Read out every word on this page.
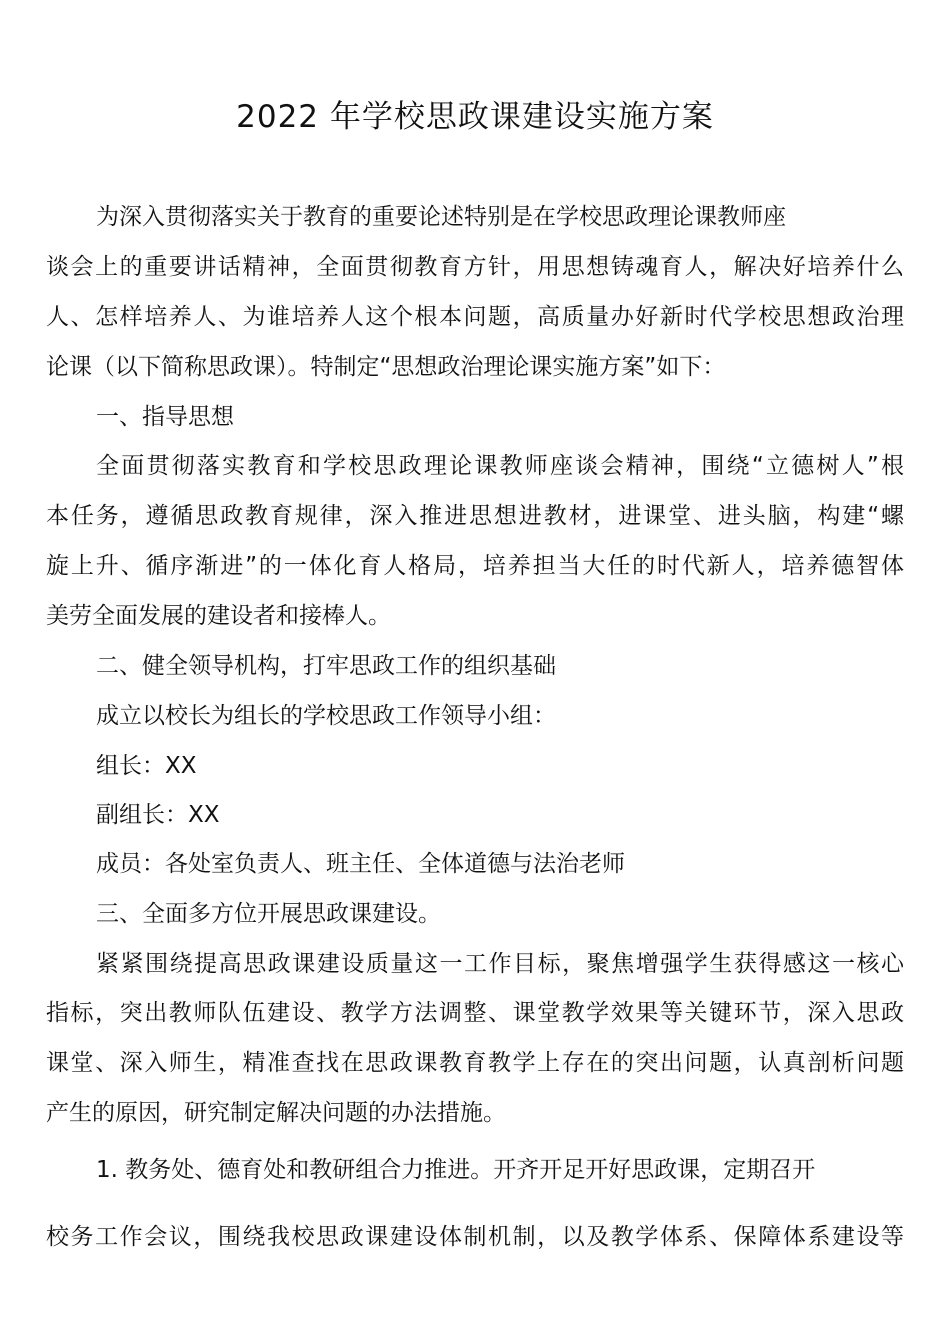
2022 年学校思政课建设实施方案
为深入贯彻落实关于教育的重要论述特别是在学校思政理论课教师座
谈会上的重要讲话精神，全面贯彻教育方针，用思想铸魂育人，解决好培养什么
人、怎样培养人、为谁培养人这个根本问题，高质量办好新时代学校思想政治理
论课（以下简称思政课）。特制定“思想政治理论课实施方案”如下：
一、指导思想
全面贯彻落实教育和学校思政理论课教师座谈会精神，围绕“立德树人”根
本任务，遵循思政教育规律，深入推进思想进教材，进课堂、进头脑，构建“螺
旋上升、循序渐进”的一体化育人格局，培养担当大任的时代新人，培养德智体
美劳全面发展的建设者和接棒人。
二、健全领导机构，打牢思政工作的组织基础
成立以校长为组长的学校思政工作领导小组：
组长：XX
副组长：XX
成员：各处室负责人、班主任、全体道德与法治老师
三、全面多方位开展思政课建设。
紧紧围绕提高思政课建设质量这一工作目标，聚焦增强学生获得感这一核心
指标，突出教师队伍建设、教学方法调整、课堂教学效果等关键环节，深入思政
课堂、深入师生，精准查找在思政课教育教学上存在的突出问题，认真剖析问题
产生的原因，研究制定解决问题的办法措施。
1. 教务处、德育处和教研组合力推进。开齐开足开好思政课，定期召开
校务工作会议，围绕我校思政课建设体制机制，以及教学体系、保障体系建设等
